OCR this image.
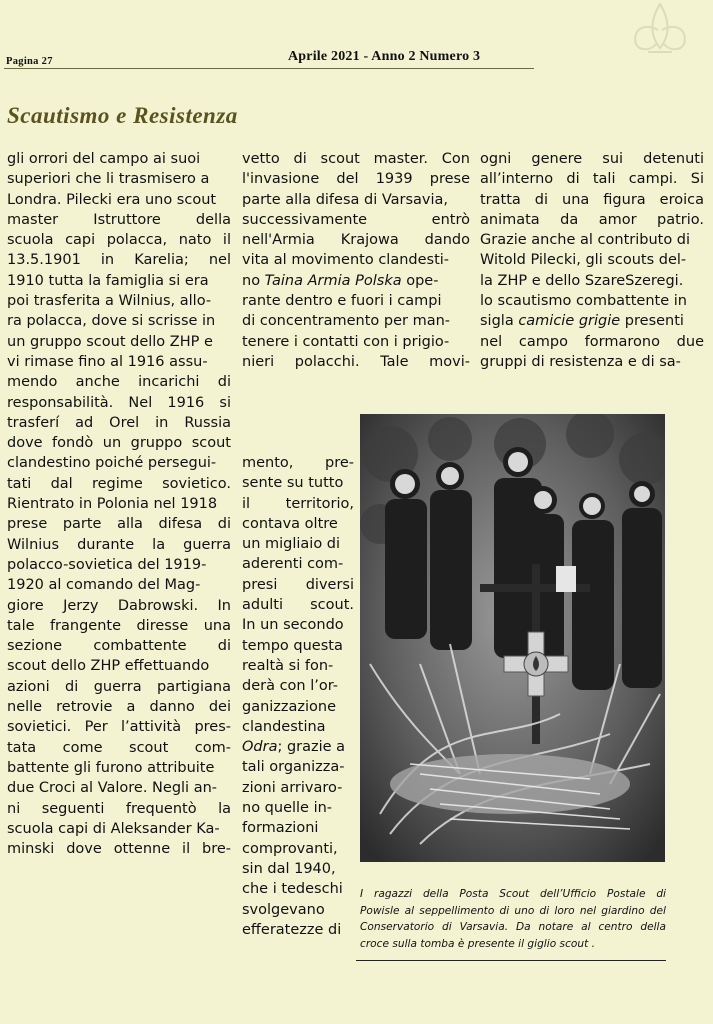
Pagina 27	Aprile 2021 - Anno 2 Numero 3
Scautismo e Resistenza
gli orrori del campo ai suoi
superiori che li trasmisero a
Londra. Pilecki era uno scout
master Istruttore della
scuola capi polacca, nato il
13.5.1901 in Karelia; nel
1910 tutta la famiglia si era
poi trasferita a Wilnius, allo-
ra polacca, dove si scrisse in
un gruppo scout dello ZHP e
vi rimase fino al 1916 assu-
mendo anche incarichi di
responsabilità. Nel 1916 si
trasferí ad Orel in Russia
dove fondò un gruppo scout
clandestino poiché persegui-
tati dal regime sovietico.
Rientrato in Polonia nel 1918
prese parte alla difesa di
Wilnius durante la guerra
polacco-sovietica del 1919-
1920 al comando del Mag-
giore Jerzy Dabrowski. In
tale frangente diresse una
sezione combattente di
scout dello ZHP effettuando
azioni di guerra partigiana
nelle retrovie a danno dei
sovietici. Per l’attività pres-
tata come scout com-
battente gli furono attribuite
due Croci al Valore. Negli an-
ni seguenti frequentò la
scuola capi di Aleksander Ka-
minski dove ottenne il bre-
vetto di scout master. Con
l'invasione del 1939 prese
parte alla difesa di Varsavia,
successivamente entrò
nell'Armia Krajowa dando
vita al movimento clandesti-
no Taina Armia Polska ope-
rante dentro e fuori i campi
di concentramento per man-
tenere i contatti con i prigio-
nieri polacchi. Tale movi-
mento, pre-
sente su tutto
il territorio,
contava oltre
un migliaio di
aderenti com-
presi diversi
adulti scout.
In un secondo
tempo questa
realtà si fon-
derà con l’or-
ganizzazione
clandestina
Odra; grazie a
tali organizza-
zioni arrivaro-
no quelle in-
formazioni
comprovanti,
sin dal 1940,
che i tedeschi
svolgevano
efferatezze di
ogni genere sui detenuti
all’interno di tali campi. Si
tratta di una figura eroica
animata da amor patrio.
Grazie anche al contributo di
Witold Pilecki, gli scouts del-
la ZHP e dello SzareSzeregi.
lo scautismo combattente in
sigla camicie grigie presenti
nel campo formarono due
gruppi di resistenza e di sa-
I ragazzi della Posta Scout dell’Ufficio Postale di
Powisle al seppellimento di uno di loro nel giardino del
Conservatorio di Varsavia. Da notare al centro della
croce sulla tomba è presente il giglio scout .
